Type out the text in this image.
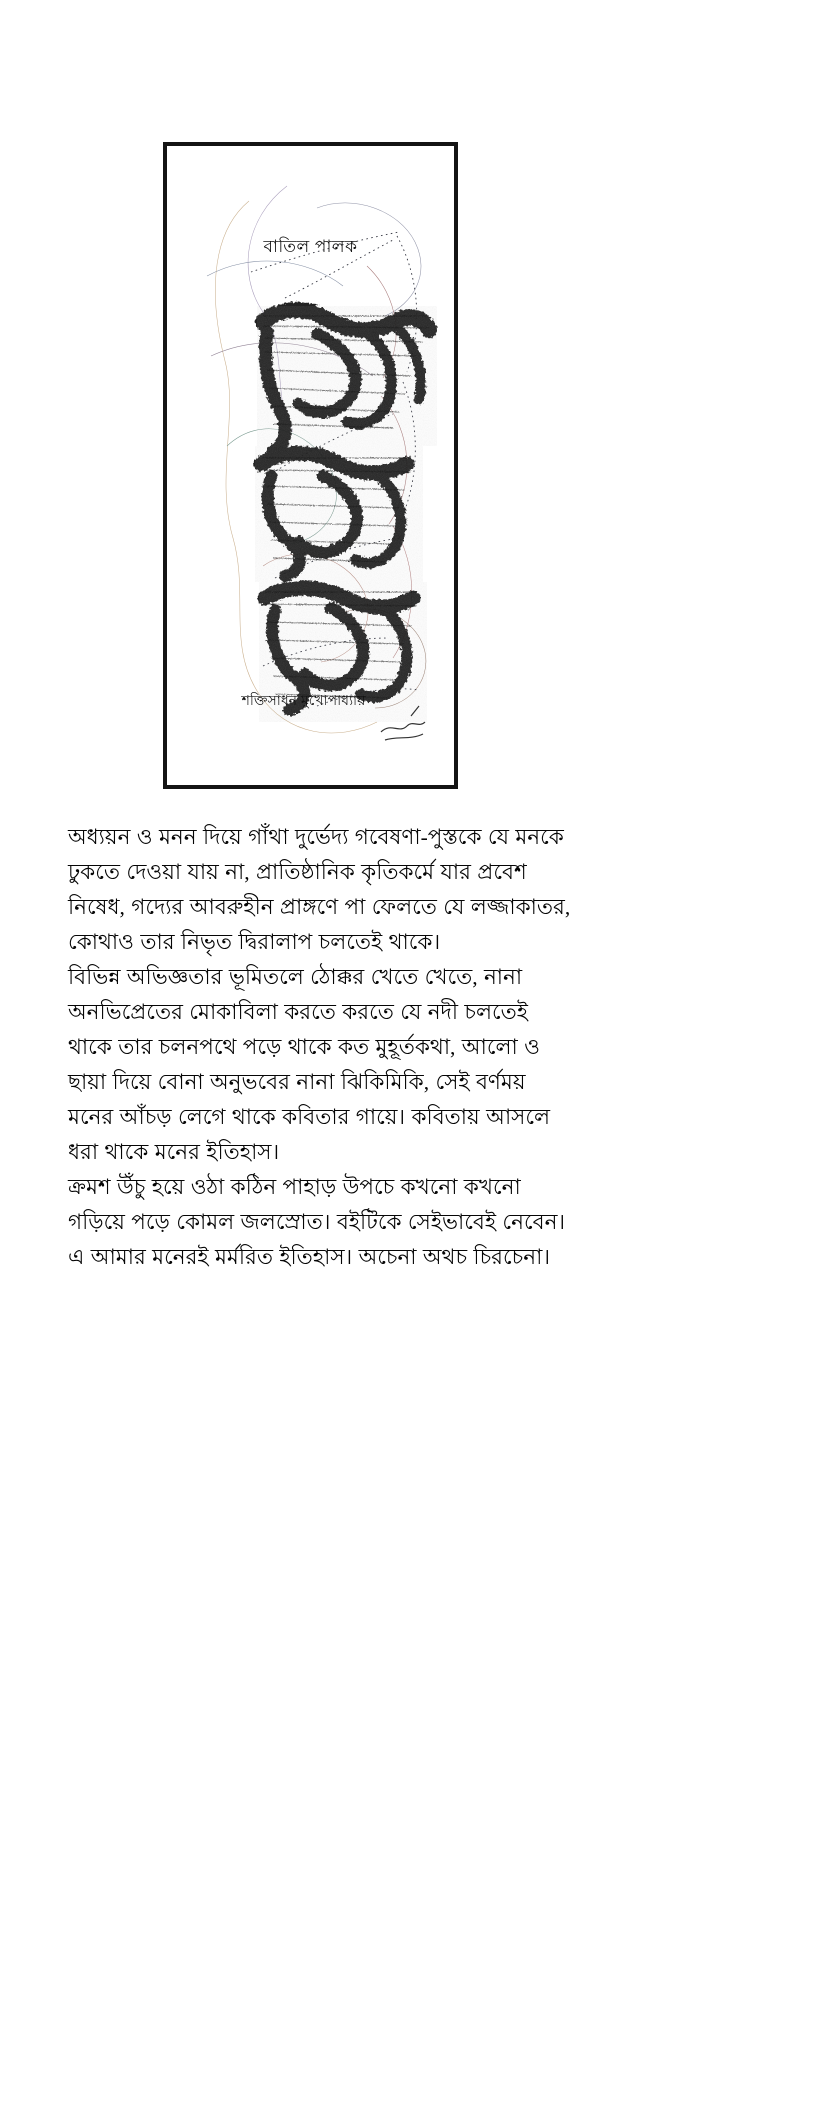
বাতিল পালক
শক্তিসাধন মুখোপাধ্যায়

অধ্যয়ন ও মনন দিয়ে গাঁথা দুর্ভেদ্য গবেষণা-পুস্তকে যে মনকে ঢুকতে দেওয়া যায় না, প্রাতিষ্ঠানিক কৃতিকর্মে যার প্রবেশ নিষেধ, গদ্যের আবরুহীন প্রাঙ্গণে পা ফেলতে যে লজ্জাকাতর, কোথাও তার নিভৃত দ্বিরালাপ চলতেই থাকে।

বিভিন্ন অভিজ্ঞতার ভূমিতলে ঠোক্কর খেতে খেতে, নানা অনভিপ্রেতের মোকাবিলা করতে করতে যে নদী চলতেই থাকে তার চলনপথে পড়ে থাকে কত মুহূর্তকথা, আলো ও ছায়া দিয়ে বোনা অনুভবের নানা ঝিকিমিকি, সেই বর্ণময় মনের আঁচড় লেগে থাকে কবিতার গায়ে। কবিতায় আসলে ধরা থাকে মনের ইতিহাস।

ক্রমশ উঁচু হয়ে ওঠা কঠিন পাহাড় উপচে কখনো কখনো গড়িয়ে পড়ে কোমল জলস্রোত। বইটিকে সেইভাবেই নেবেন। এ আমার মনেরই মর্মরিত ইতিহাস। অচেনা অথচ চিরচেনা।
